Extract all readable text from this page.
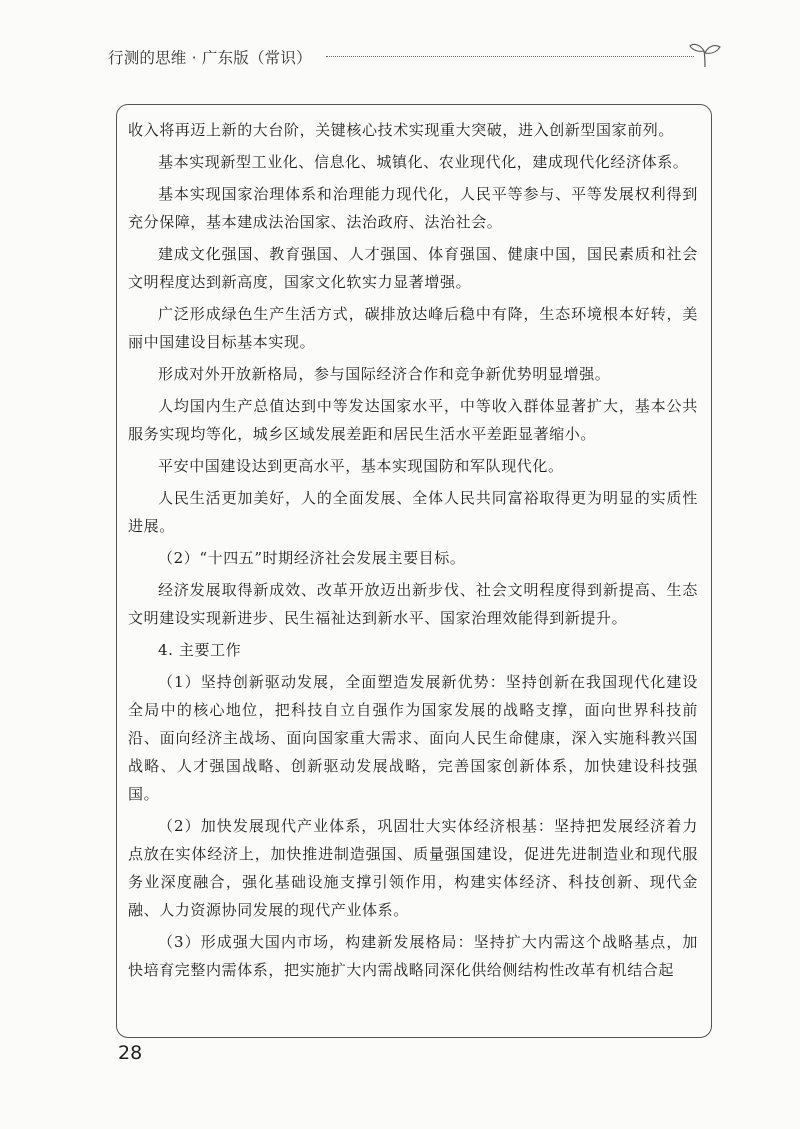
行测的思维 · 广东版（常识）

收入将再迈上新的大台阶，关键核心技术实现重大突破，进入创新型国家前列。

基本实现新型工业化、信息化、城镇化、农业现代化，建成现代化经济体系。

基本实现国家治理体系和治理能力现代化，人民平等参与、平等发展权利得到充分保障，基本建成法治国家、法治政府、法治社会。

建成文化强国、教育强国、人才强国、体育强国、健康中国，国民素质和社会文明程度达到新高度，国家文化软实力显著增强。

广泛形成绿色生产生活方式，碳排放达峰后稳中有降，生态环境根本好转，美丽中国建设目标基本实现。

形成对外开放新格局，参与国际经济合作和竞争新优势明显增强。

人均国内生产总值达到中等发达国家水平，中等收入群体显著扩大，基本公共服务实现均等化，城乡区域发展差距和居民生活水平差距显著缩小。

平安中国建设达到更高水平，基本实现国防和军队现代化。

人民生活更加美好，人的全面发展、全体人民共同富裕取得更为明显的实质性进展。

（2）“十四五”时期经济社会发展主要目标。

经济发展取得新成效、改革开放迈出新步伐、社会文明程度得到新提高、生态文明建设实现新进步、民生福祉达到新水平、国家治理效能得到新提升。

4. 主要工作

（1）坚持创新驱动发展，全面塑造发展新优势：坚持创新在我国现代化建设全局中的核心地位，把科技自立自强作为国家发展的战略支撑，面向世界科技前沿、面向经济主战场、面向国家重大需求、面向人民生命健康，深入实施科教兴国战略、人才强国战略、创新驱动发展战略，完善国家创新体系，加快建设科技强国。

（2）加快发展现代产业体系，巩固壮大实体经济根基：坚持把发展经济着力点放在实体经济上，加快推进制造强国、质量强国建设，促进先进制造业和现代服务业深度融合，强化基础设施支撑引领作用，构建实体经济、科技创新、现代金融、人力资源协同发展的现代产业体系。

（3）形成强大国内市场，构建新发展格局：坚持扩大内需这个战略基点，加快培育完整内需体系，把实施扩大内需战略同深化供给侧结构性改革有机结合起

28
